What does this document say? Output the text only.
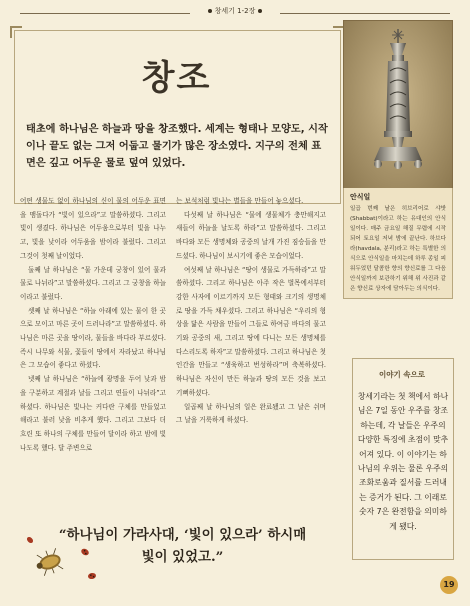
창세기 1-2장
창조
태초에 하나님은 하늘과 땅을 창조했다. 세계는 형태나 모양도, 시작이나 끝도 없는 그저 어둡고 물기가 많은 장소였다. 지구의 전체 표면은 깊고 어두운 물로 덮여 있었다.

어떤 생물도 없이 하나님의 신이 물의 어두운 표면을 맴돌다가 “빛이 있으라”고 말씀하셨다. 그리고 빛이 생겼다. 하나님은 어두움으로부터 빛을 나누고, 빛을 낮이라 어두움을 밤이라 불렀다. 그리고 그것이 첫째 날이었다.

둘째 날 하나님은 “물 가운데 궁창이 있어 물과 물로 나뉘라”고 말씀하셨다. 그리고 그 궁창을 하늘이라고 불렀다.

셋째 날 하나님은 “하늘 아래에 있는 물이 한 곳으로 모이고 마른 곳이 드러나라”고 말씀하셨다. 하나님은 마른 곳을 땅이라, 물들을 바다라 부르셨다. 즉시 나무와 식물, 꽃들이 땅에서 자라났고 하나님은 그 모습이 좋다고 하셨다.

넷째 날 하나님은 “하늘에 광명을 두어 낮과 밤을 구분하고 계절과 날들 그리고 연들이 나뉘라”고 하셨다. 하나님은 빛나는 커다란 구체를 만들었고 해라고 불러 낮을 비추게 했다. 그리고 그보다 더 흐린 또 하나의 구체를 만들어 달이라 하고 밤에 빛나도록 했다. 달 주변으로

는 보석처럼 빛나는 별들을 만들어 놓으셨다.

다섯째 날 하나님은 “물에 생물체가 충만해지고 새들이 하늘을 날도록 하라”고 말씀하셨다. 그리고 바다와 모든 생명체와 공중의 날개 가진 짐승들을 만드셨다. 하나님이 보시기에 좋은 모습이었다.

여섯째 날 하나님은 “땅이 생물로 가득하라”고 말씀하셨다. 그리고 하나님은 아주 작은 벌목에서부터 강한 사자에 이르기까지 모든 형태와 크기의 생명체로 땅을 가득 채우셨다. 그리고 하나님은 “우리의 형상을 닮은 사람을 만들어 그들로 하여금 바다의 물고기와 공중의 새, 그리고 땅에 다니는 모든 생명체를 다스리도록 하자”고 말씀하셨다. 그리고 하나님은 첫 인간을 만들고 “생육하고 번성하라”며 축복하셨다. 하나님은 자신이 만든 하늘과 땅의 모든 것을 보고 기뻐하셨다.

일곱째 날 하나님의 일은 완료됐고 그 날은 쉬며 그 날을 거룩하게 하셨다.

안식일
일곱 번째 날은 히브리어로 샤밧(Shabbat)이라고 하는 유대인의 안식일이다. 매주 금요일 해질 무렵에 시작되어 토요일 저녁 밤에 끝난다. 하브다라(havdala, 분리)라고 하는 특별한 의식으로 안식일을 마치는데 하루 종일 피워두었던 달콤한 향의 향신료를 그 다음 안식일까지 보관하기 위해 위 사진과 같은 향신료 상자에 담아두는 의식이다.
이야기 속으로
창세기라는 첫 책에서 하나님은 7일 동안 우주를 창조하는데, 각 날들은 우주의 다양한 특징에 초점이 맞추어져 있다. 이 이야기는 하나님의 우위는 물론 우주의 조화로움과 질서를 드러내는 증거가 된다. 그 이래로 숫자 7은 완전함을 의미하게 됐다.
“하나님이 가라사대, ‘빛이 있으라’ 하시매
빛이 있었고.”
19
